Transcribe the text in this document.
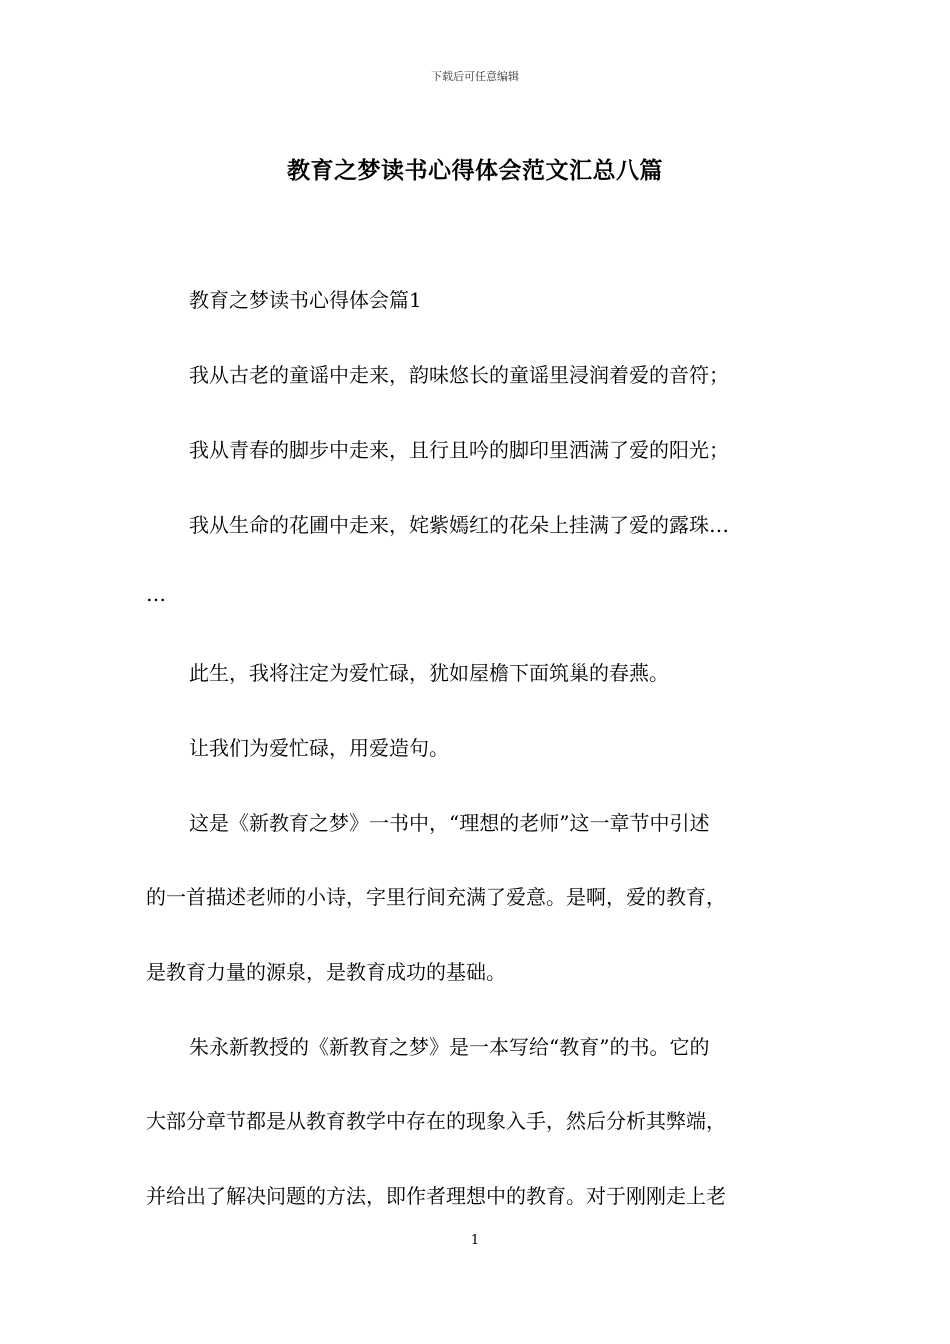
下载后可任意编辑
教育之梦读书心得体会范文汇总八篇
教育之梦读书心得体会篇1
我从古老的童谣中走来，韵味悠长的童谣里浸润着爱的音符；
我从青春的脚步中走来，且行且吟的脚印里洒满了爱的阳光；
我从生命的花圃中走来，姹紫嫣红的花朵上挂满了爱的露珠…
…
此生，我将注定为爱忙碌，犹如屋檐下面筑巢的春燕。
让我们为爱忙碌，用爱造句。
这是《新教育之梦》一书中，“理想的老师”这一章节中引述
的一首描述老师的小诗，字里行间充满了爱意。是啊，爱的教育，
是教育力量的源泉，是教育成功的基础。
朱永新教授的《新教育之梦》是一本写给“教育”的书。它的
大部分章节都是从教育教学中存在的现象入手，然后分析其弊端，
并给出了解决问题的方法，即作者理想中的教育。对于刚刚走上老
1
